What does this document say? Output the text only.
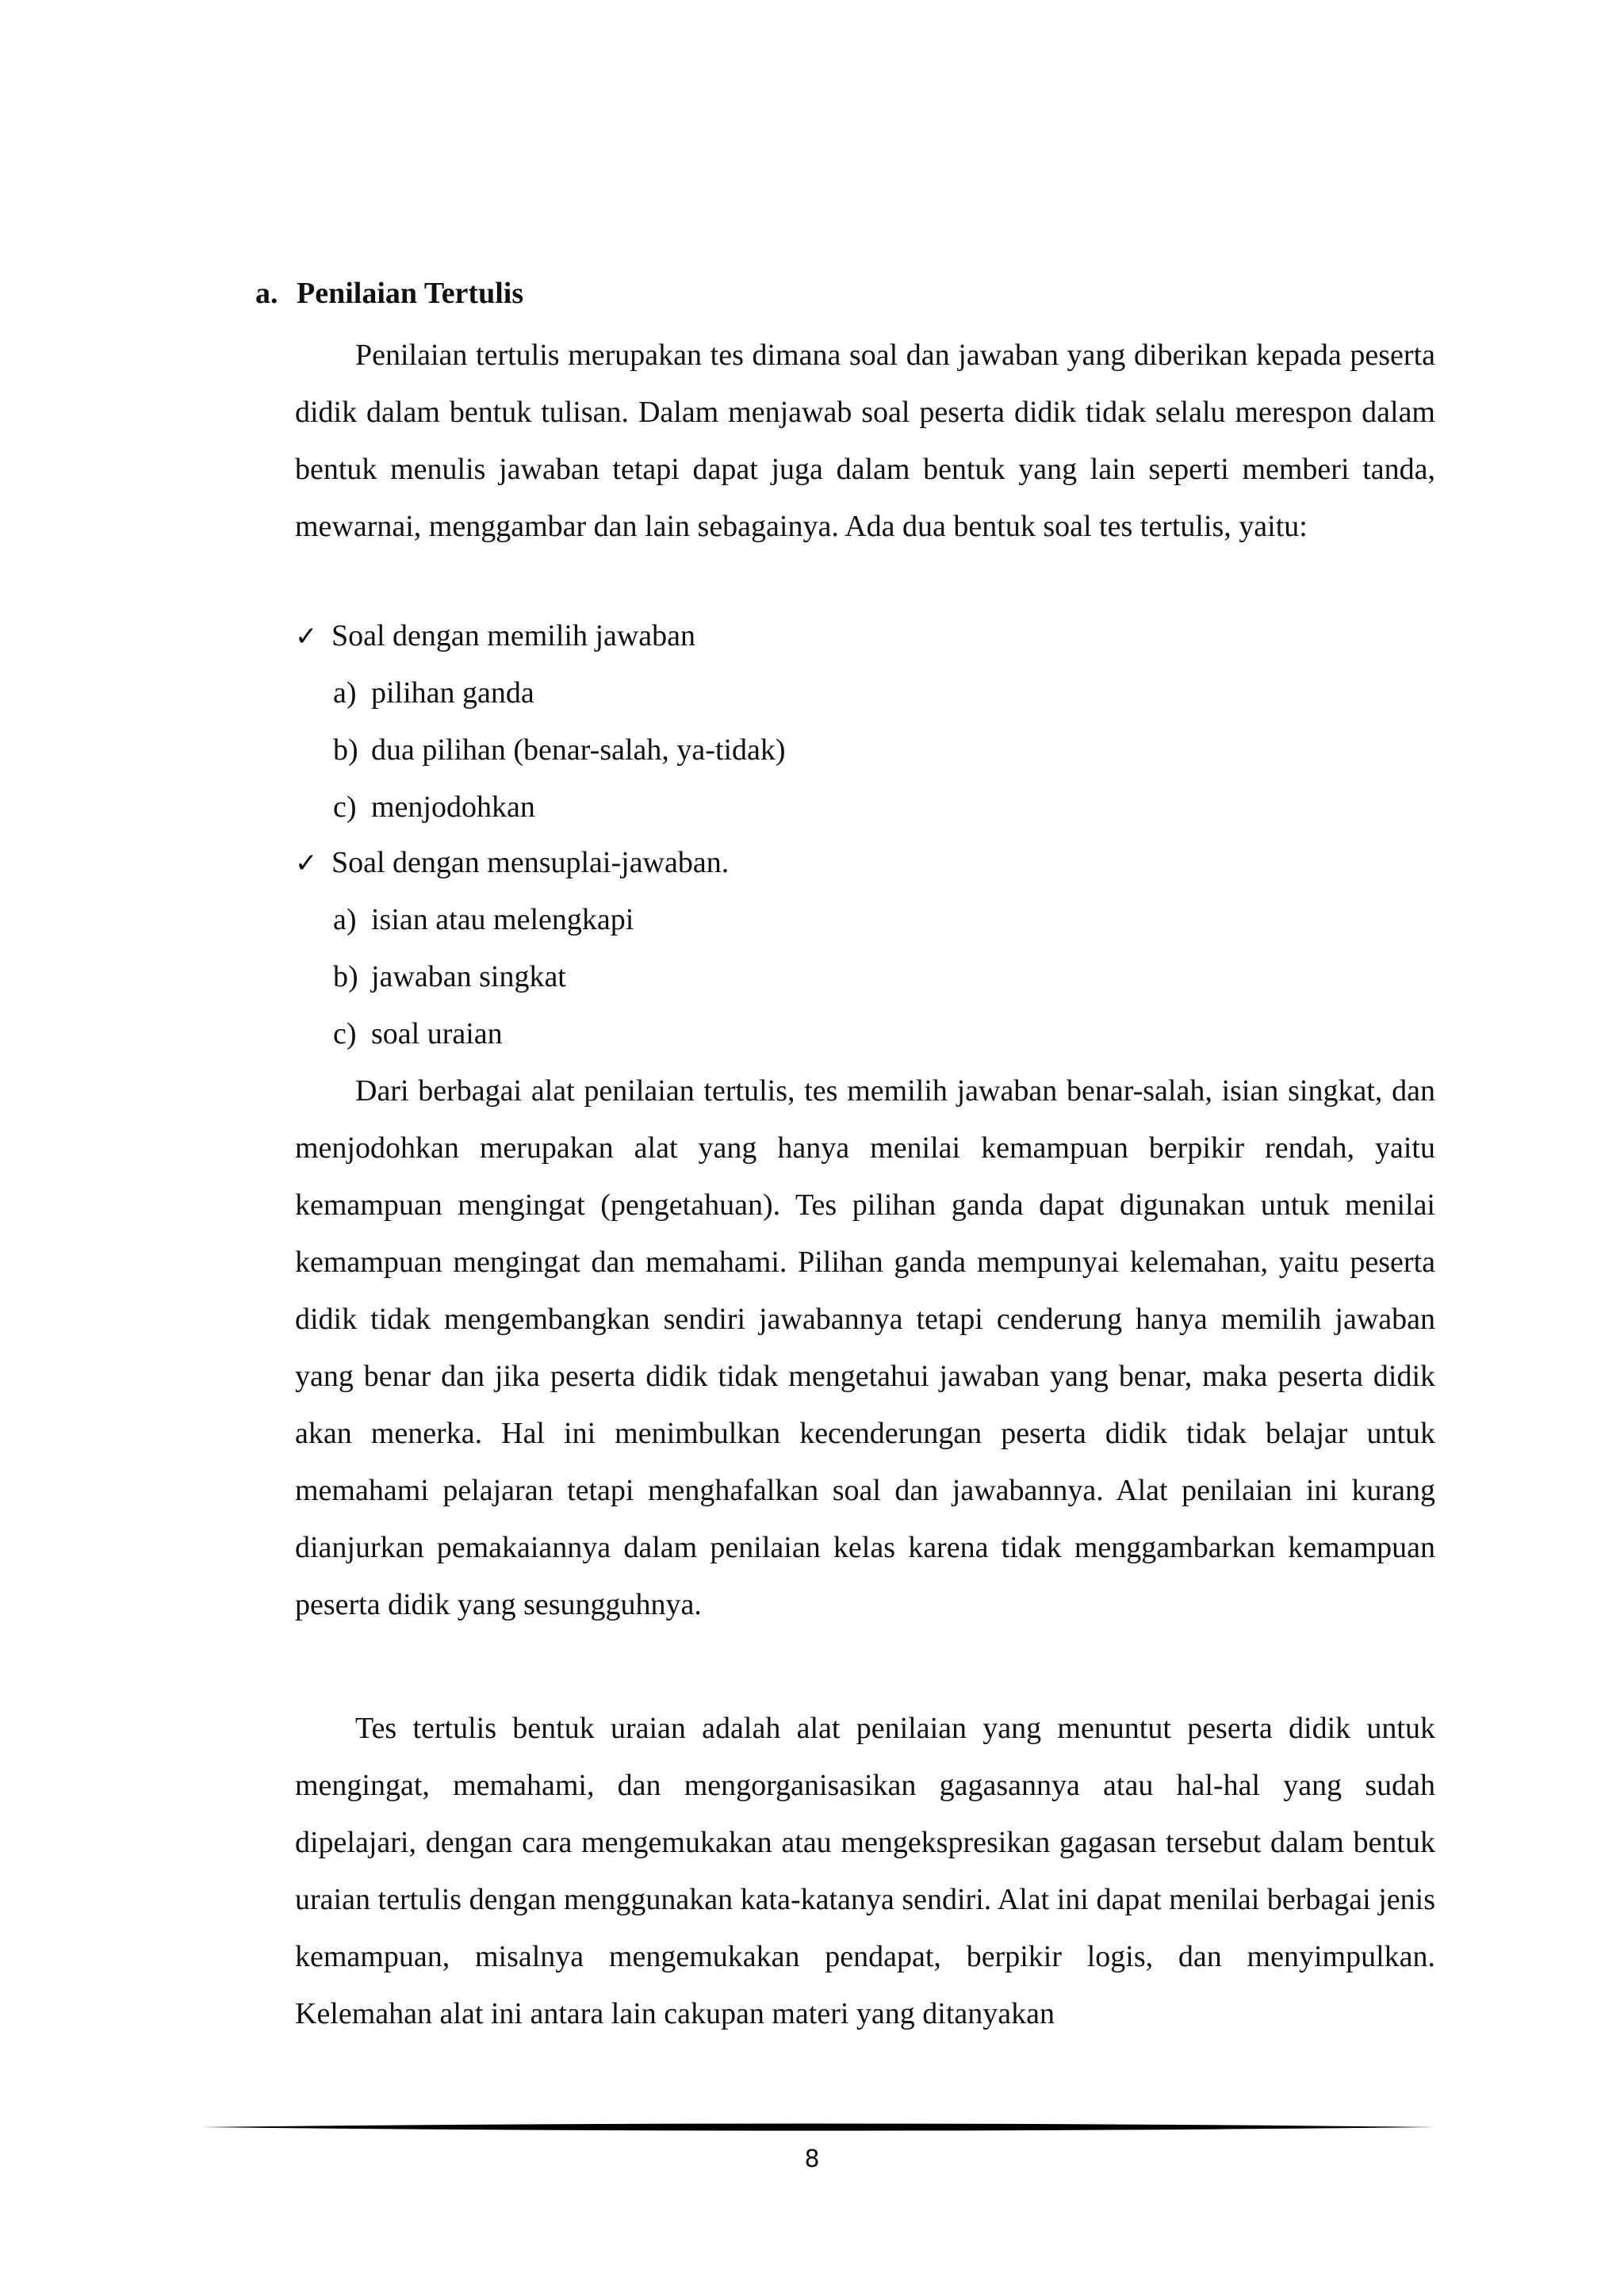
a. Penilaian Tertulis

Penilaian tertulis merupakan tes dimana soal dan jawaban yang diberikan kepada peserta didik dalam bentuk tulisan. Dalam menjawab soal peserta didik tidak selalu merespon dalam bentuk menulis jawaban tetapi dapat juga dalam bentuk yang lain seperti memberi tanda, mewarnai, menggambar dan lain sebagainya. Ada dua bentuk soal tes tertulis, yaitu:

✓ Soal dengan memilih jawaban
a) pilihan ganda
b) dua pilihan (benar-salah, ya-tidak)
c) menjodohkan
✓ Soal dengan mensuplai-jawaban.
a) isian atau melengkapi
b) jawaban singkat
c) soal uraian

Dari berbagai alat penilaian tertulis, tes memilih jawaban benar-salah, isian singkat, dan menjodohkan merupakan alat yang hanya menilai kemampuan berpikir rendah, yaitu kemampuan mengingat (pengetahuan). Tes pilihan ganda dapat digunakan untuk menilai kemampuan mengingat dan memahami. Pilihan ganda mempunyai kelemahan, yaitu peserta didik tidak mengembangkan sendiri jawabannya tetapi cenderung hanya memilih jawaban yang benar dan jika peserta didik tidak mengetahui jawaban yang benar, maka peserta didik akan menerka. Hal ini menimbulkan kecenderungan peserta didik tidak belajar untuk memahami pelajaran tetapi menghafalkan soal dan jawabannya. Alat penilaian ini kurang dianjurkan pemakaiannya dalam penilaian kelas karena tidak menggambarkan kemampuan peserta didik yang sesungguhnya.

Tes tertulis bentuk uraian adalah alat penilaian yang menuntut peserta didik untuk mengingat, memahami, dan mengorganisasikan gagasannya atau hal-hal yang sudah dipelajari, dengan cara mengemukakan atau mengekspresikan gagasan tersebut dalam bentuk uraian tertulis dengan menggunakan kata-katanya sendiri. Alat ini dapat menilai berbagai jenis kemampuan, misalnya mengemukakan pendapat, berpikir logis, dan menyimpulkan. Kelemahan alat ini antara lain cakupan materi yang ditanyakan

8
